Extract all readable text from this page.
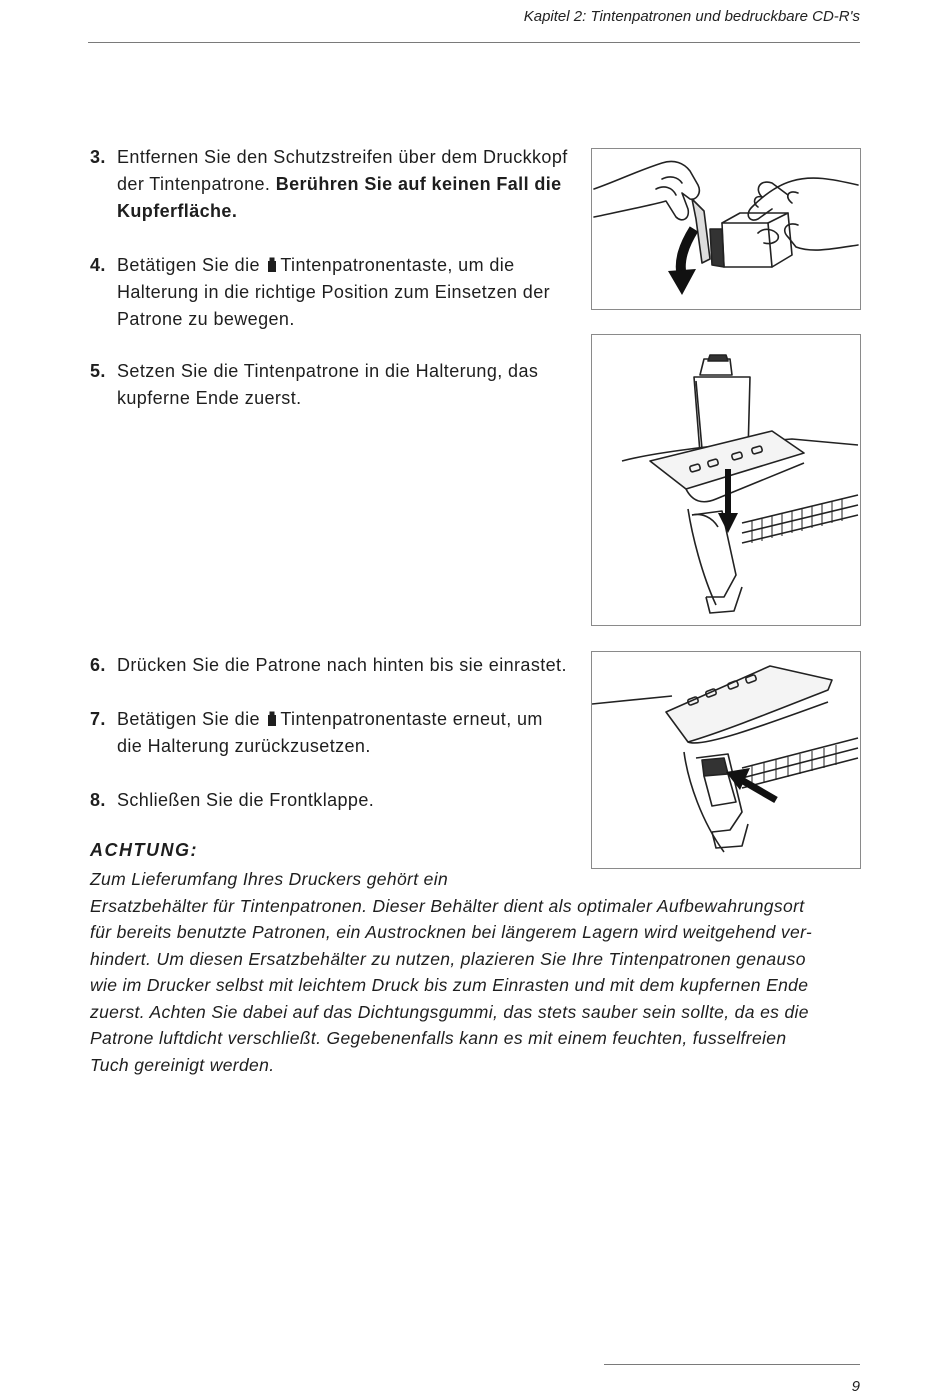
Kapitel 2: Tintenpatronen und bedruckbare CD-R's
3. Entfernen Sie den Schutzstreifen über dem Druckkopf
der Tintenpatrone. Berühren Sie auf keinen Fall die
Kupferfläche.
4. Betätigen Sie die Tintenpatronentaste, um die
Halterung in die richtige Position zum Einsetzen der
Patrone zu bewegen.
5. Setzen Sie die Tintenpatrone in die Halterung, das
kupferne Ende zuerst.
6. Drücken Sie die Patrone nach hinten bis sie einrastet.
7. Betätigen Sie die Tintenpatronentaste erneut, um
die Halterung zurückzusetzen.
8. Schließen Sie die Frontklappe.
ACHTUNG:
Zum Lieferumfang Ihres Druckers gehört ein
Ersatzbehälter für Tintenpatronen. Dieser Behälter dient als optimaler Aufbewahrungsort
für bereits benutzte Patronen, ein Austrocknen bei längerem Lagern wird weitgehend ver-
hindert. Um diesen Ersatzbehälter zu nutzen, plazieren Sie Ihre Tintenpatronen genauso
wie im Drucker selbst mit leichtem Druck bis zum Einrasten und mit dem kupfernen Ende
zuerst. Achten Sie dabei auf das Dichtungsgummi, das stets sauber sein sollte, da es die
Patrone luftdicht verschließt. Gegebenenfalls kann es mit einem feuchten, fusselfreien
Tuch gereinigt werden.
9
